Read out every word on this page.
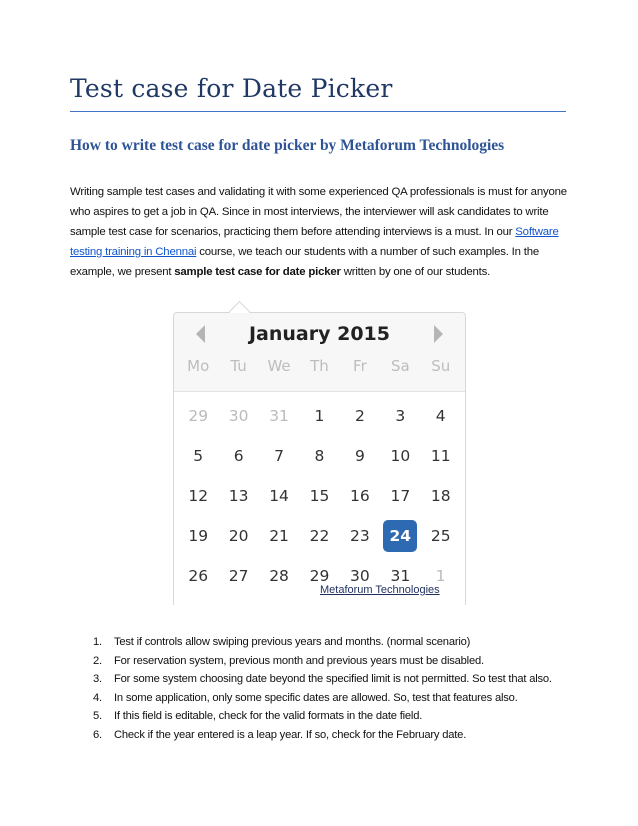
Test case for Date Picker
How to write test case for date picker by Metaforum Technologies

Writing sample test cases and validating it with some experienced QA professionals is must for anyone who aspires to get a job in QA. Since in most interviews, the interviewer will ask candidates to write sample test case for scenarios, practicing them before attending interviews is a must. In our Software testing training in Chennai course, we teach our students with a number of such examples. In the example, we present sample test case for date picker written by one of our students.

January 2015
Mo	Tu	We	Th	Fr	Sa	Su
29	30	31	1	2	3	4
5	6	7	8	9	10	11
12	13	14	15	16	17	18
19	20	21	22	23	24	25
26	27	28	29	30	31	1
Metaforum Technologies
1. Test if controls allow swiping previous years and months. (normal scenario)
2. For reservation system, previous month and previous years must be disabled.
3. For some system choosing date beyond the specified limit is not permitted. So test that also.
4. In some application, only some specific dates are allowed. So, test that features also.
5. If this field is editable, check for the valid formats in the date field.
6. Check if the year entered is a leap year. If so, check for the February date.
